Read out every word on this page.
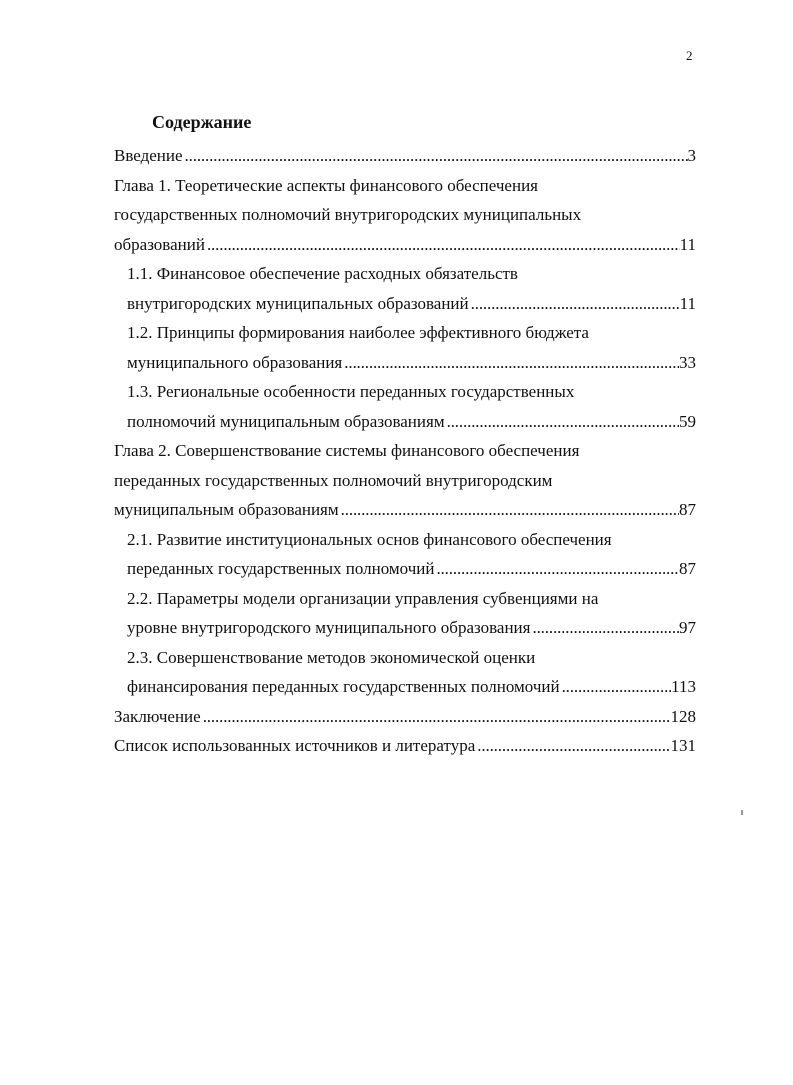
2
Содержание
Введение . . .	3
Глава 1. Теоретические аспекты финансового обеспечения
государственных полномочий внутригородских муниципальных
образований . . .	11
1.1. Финансовое обеспечение расходных обязательств
внутригородских муниципальных образований . . .	11
1.2. Принципы формирования наиболее эффективного бюджета
муниципального образования . . .	33
1.3. Региональные особенности переданных государственных
полномочий муниципальным образованиям . . .	59
Глава 2. Совершенствование системы финансового обеспечения
переданных государственных полномочий внутригородским
муниципальным образованиям . . .	87
2.1. Развитие институциональных основ финансового обеспечения
переданных государственных полномочий . . .	87
2.2. Параметры модели организации управления субвенциями на
уровне внутригородского муниципального образования . . .	97
2.3. Совершенствование методов экономической оценки
финансирования переданных государственных полномочий . . .	113
Заключение . . .	128
Список использованных источников и литература . . .	131
